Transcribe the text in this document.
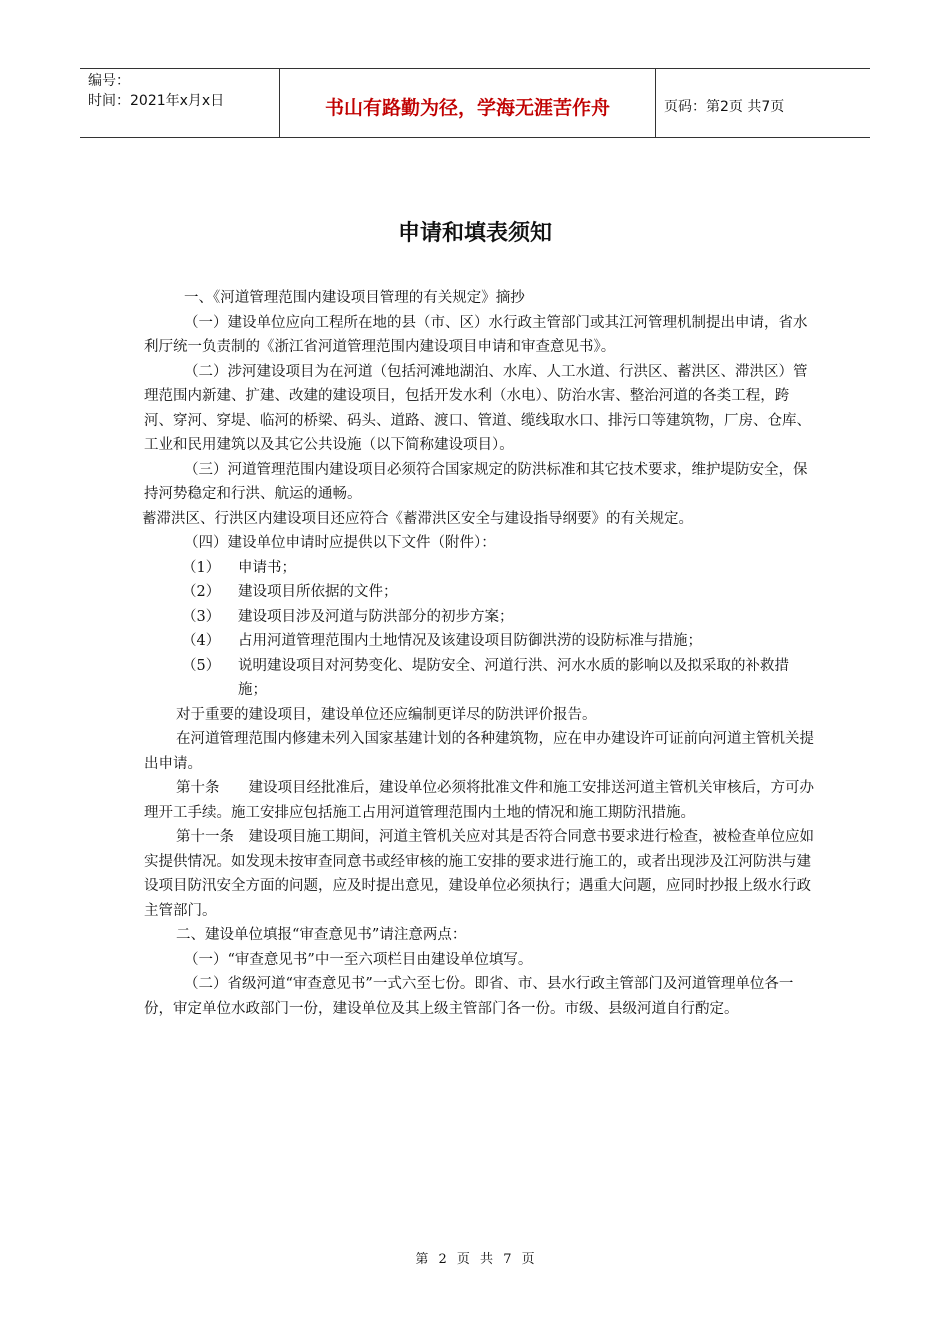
编号：
时间：2021年x月x日	书山有路勤为径，学海无涯苦作舟	页码：第2页 共7页
申请和填表须知

一、《河道管理范围内建设项目管理的有关规定》摘抄

（一）建设单位应向工程所在地的县（市、区）水行政主管部门或其江河管理机制提出申请，省水利厅统一负责制的《浙江省河道管理范围内建设项目申请和审查意见书》。

（二）涉河建设项目为在河道（包括河滩地湖泊、水库、人工水道、行洪区、蓄洪区、滞洪区）管理范围内新建、扩建、改建的建设项目，包括开发水利（水电）、防治水害、整治河道的各类工程，跨河、穿河、穿堤、临河的桥梁、码头、道路、渡口、管道、缆线取水口、排污口等建筑物，厂房、仓库、工业和民用建筑以及其它公共设施（以下简称建设项目）。

（三）河道管理范围内建设项目必须符合国家规定的防洪标准和其它技术要求，维护堤防安全，保持河势稳定和行洪、航运的通畅。

蓄滞洪区、行洪区内建设项目还应符合《蓄滞洪区安全与建设指导纲要》的有关规定。

（四）建设单位申请时应提供以下文件（附件）：

（1）	申请书；
（2）	建设项目所依据的文件；
（3）	建设项目涉及河道与防洪部分的初步方案；
（4）	占用河道管理范围内土地情况及该建设项目防御洪涝的设防标准与措施；
（5）	说明建设项目对河势变化、堤防安全、河道行洪、河水水质的影响以及拟采取的补救措施；

对于重要的建设项目，建设单位还应编制更详尽的防洪评价报告。

在河道管理范围内修建未列入国家基建计划的各种建筑物，应在申办建设许可证前向河道主管机关提出申请。

第十条　　建设项目经批准后，建设单位必须将批准文件和施工安排送河道主管机关审核后，方可办理开工手续。施工安排应包括施工占用河道管理范围内土地的情况和施工期防汛措施。

第十一条　建设项目施工期间，河道主管机关应对其是否符合同意书要求进行检查，被检查单位应如实提供情况。如发现未按审查同意书或经审核的施工安排的要求进行施工的，或者出现涉及江河防洪与建设项目防汛安全方面的问题，应及时提出意见，建设单位必须执行；遇重大问题，应同时抄报上级水行政主管部门。

二、建设单位填报“审查意见书”请注意两点：

（一）“审查意见书”中一至六项栏目由建设单位填写。

（二）省级河道“审查意见书”一式六至七份。即省、市、县水行政主管部门及河道管理单位各一份，审定单位水政部门一份，建设单位及其上级主管部门各一份。市级、县级河道自行酌定。

第 2 页 共 7 页
